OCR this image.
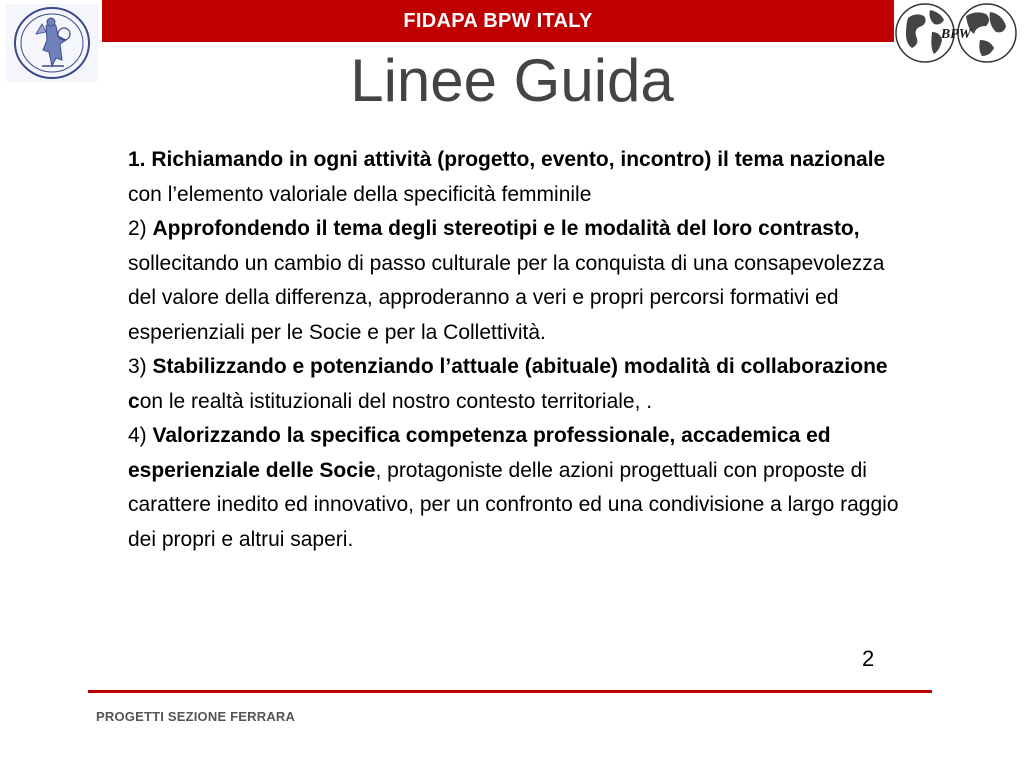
FIDAPA BPW ITALY
BPW
Linee Guida

1. Richiamando in ogni attività (progetto, evento, incontro) il tema nazionale con l’elemento valoriale della specificità femminile

2) Approfondendo il tema degli stereotipi e le modalità del loro contrasto, sollecitando un cambio di passo culturale per la conquista di una consapevolezza del valore della differenza, approderanno a veri e propri percorsi formativi ed esperienziali per le Socie e per la Collettività.

3) Stabilizzando e potenziando l’attuale (abituale) modalità di collaborazione con le realtà istituzionali del nostro contesto territoriale, .

4) Valorizzando la specifica competenza professionale, accademica ed esperienziale delle Socie, protagoniste delle azioni progettuali con proposte di carattere inedito ed innovativo, per un confronto ed una condivisione a largo raggio dei propri e altrui saperi.

2
PROGETTI SEZIONE FERRARA
